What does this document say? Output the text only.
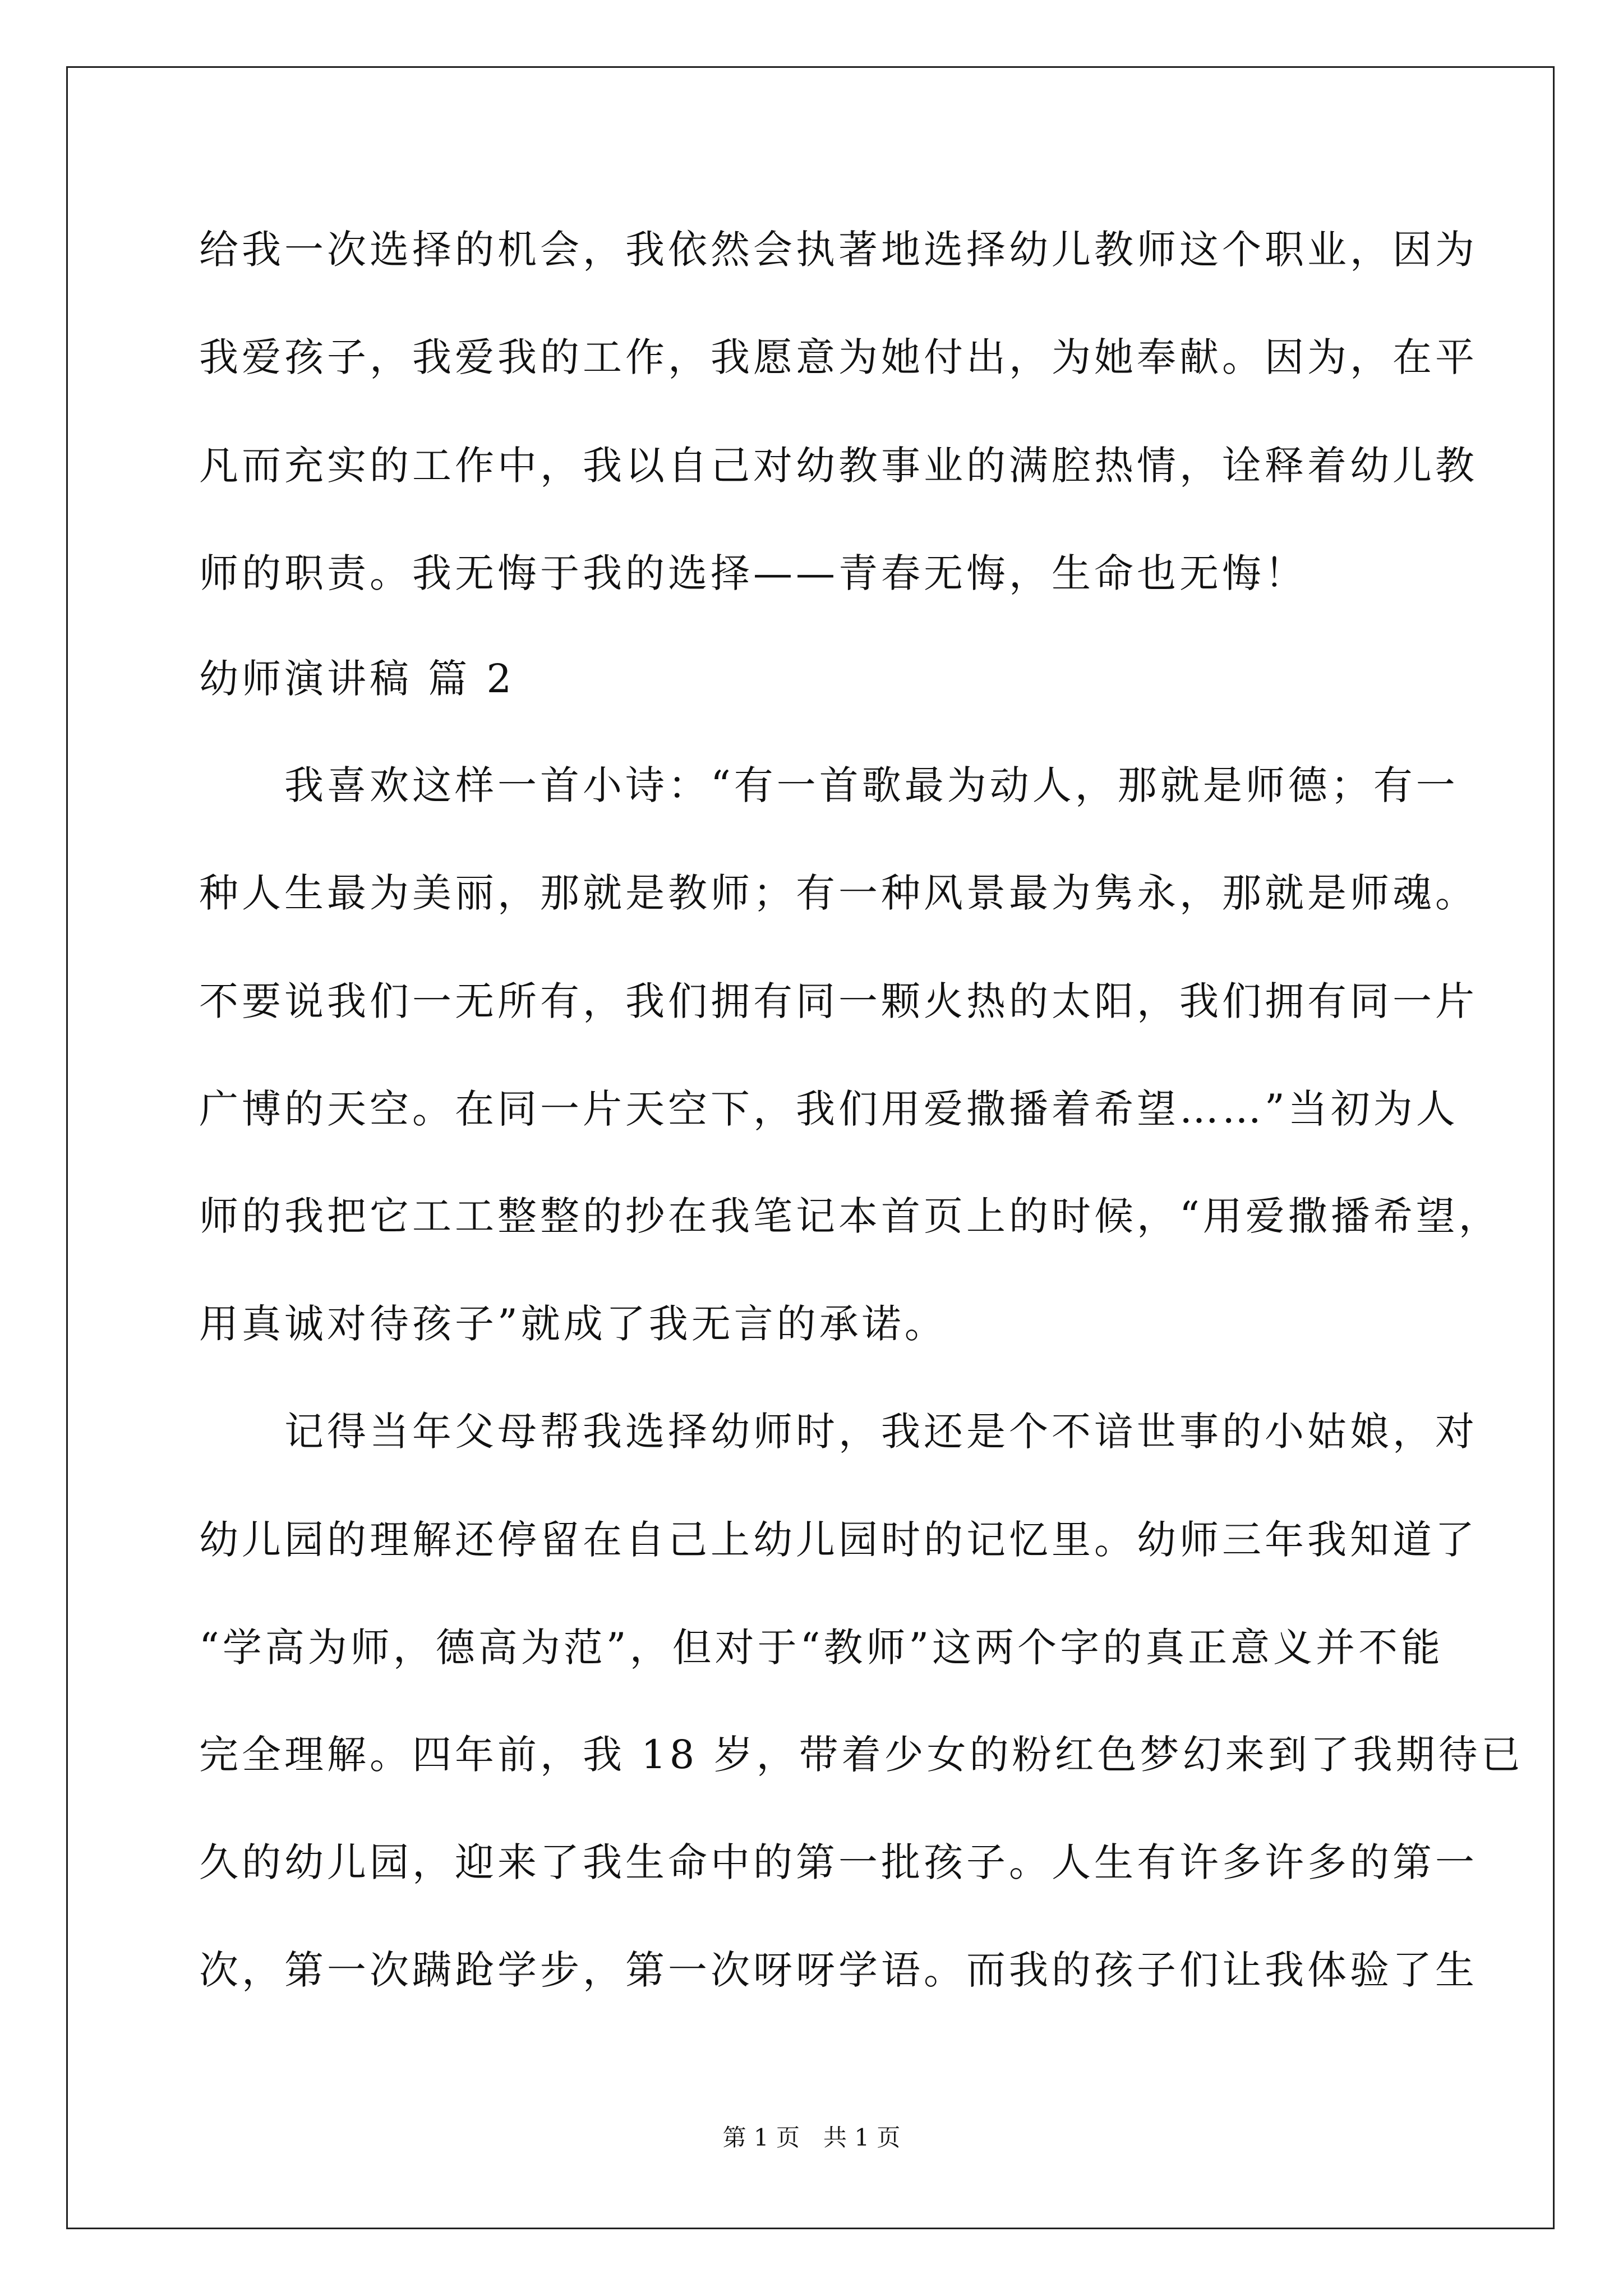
给我一次选择的机会，我依然会执著地选择幼儿教师这个职业，因为
我爱孩子，我爱我的工作，我愿意为她付出，为她奉献。因为，在平
凡而充实的工作中，我以自己对幼教事业的满腔热情，诠释着幼儿教
师的职责。我无悔于我的选择——青春无悔，生命也无悔！
幼师演讲稿 篇 2
　　我喜欢这样一首小诗：“有一首歌最为动人，那就是师德；有一
种人生最为美丽，那就是教师；有一种风景最为隽永，那就是师魂。
不要说我们一无所有，我们拥有同一颗火热的太阳，我们拥有同一片
广博的天空。在同一片天空下，我们用爱撒播着希望……”当初为人
师的我把它工工整整的抄在我笔记本首页上的时候，“用爱撒播希望，
用真诚对待孩子”就成了我无言的承诺。
　　记得当年父母帮我选择幼师时，我还是个不谙世事的小姑娘，对
幼儿园的理解还停留在自己上幼儿园时的记忆里。幼师三年我知道了
“学高为师，德高为范”，但对于“教师”这两个字的真正意义并不能
完全理解。四年前，我 18 岁，带着少女的粉红色梦幻来到了我期待已
久的幼儿园，迎来了我生命中的第一批孩子。人生有许多许多的第一
次，第一次蹒跄学步，第一次呀呀学语。而我的孩子们让我体验了生
第 1 页　共 1 页
